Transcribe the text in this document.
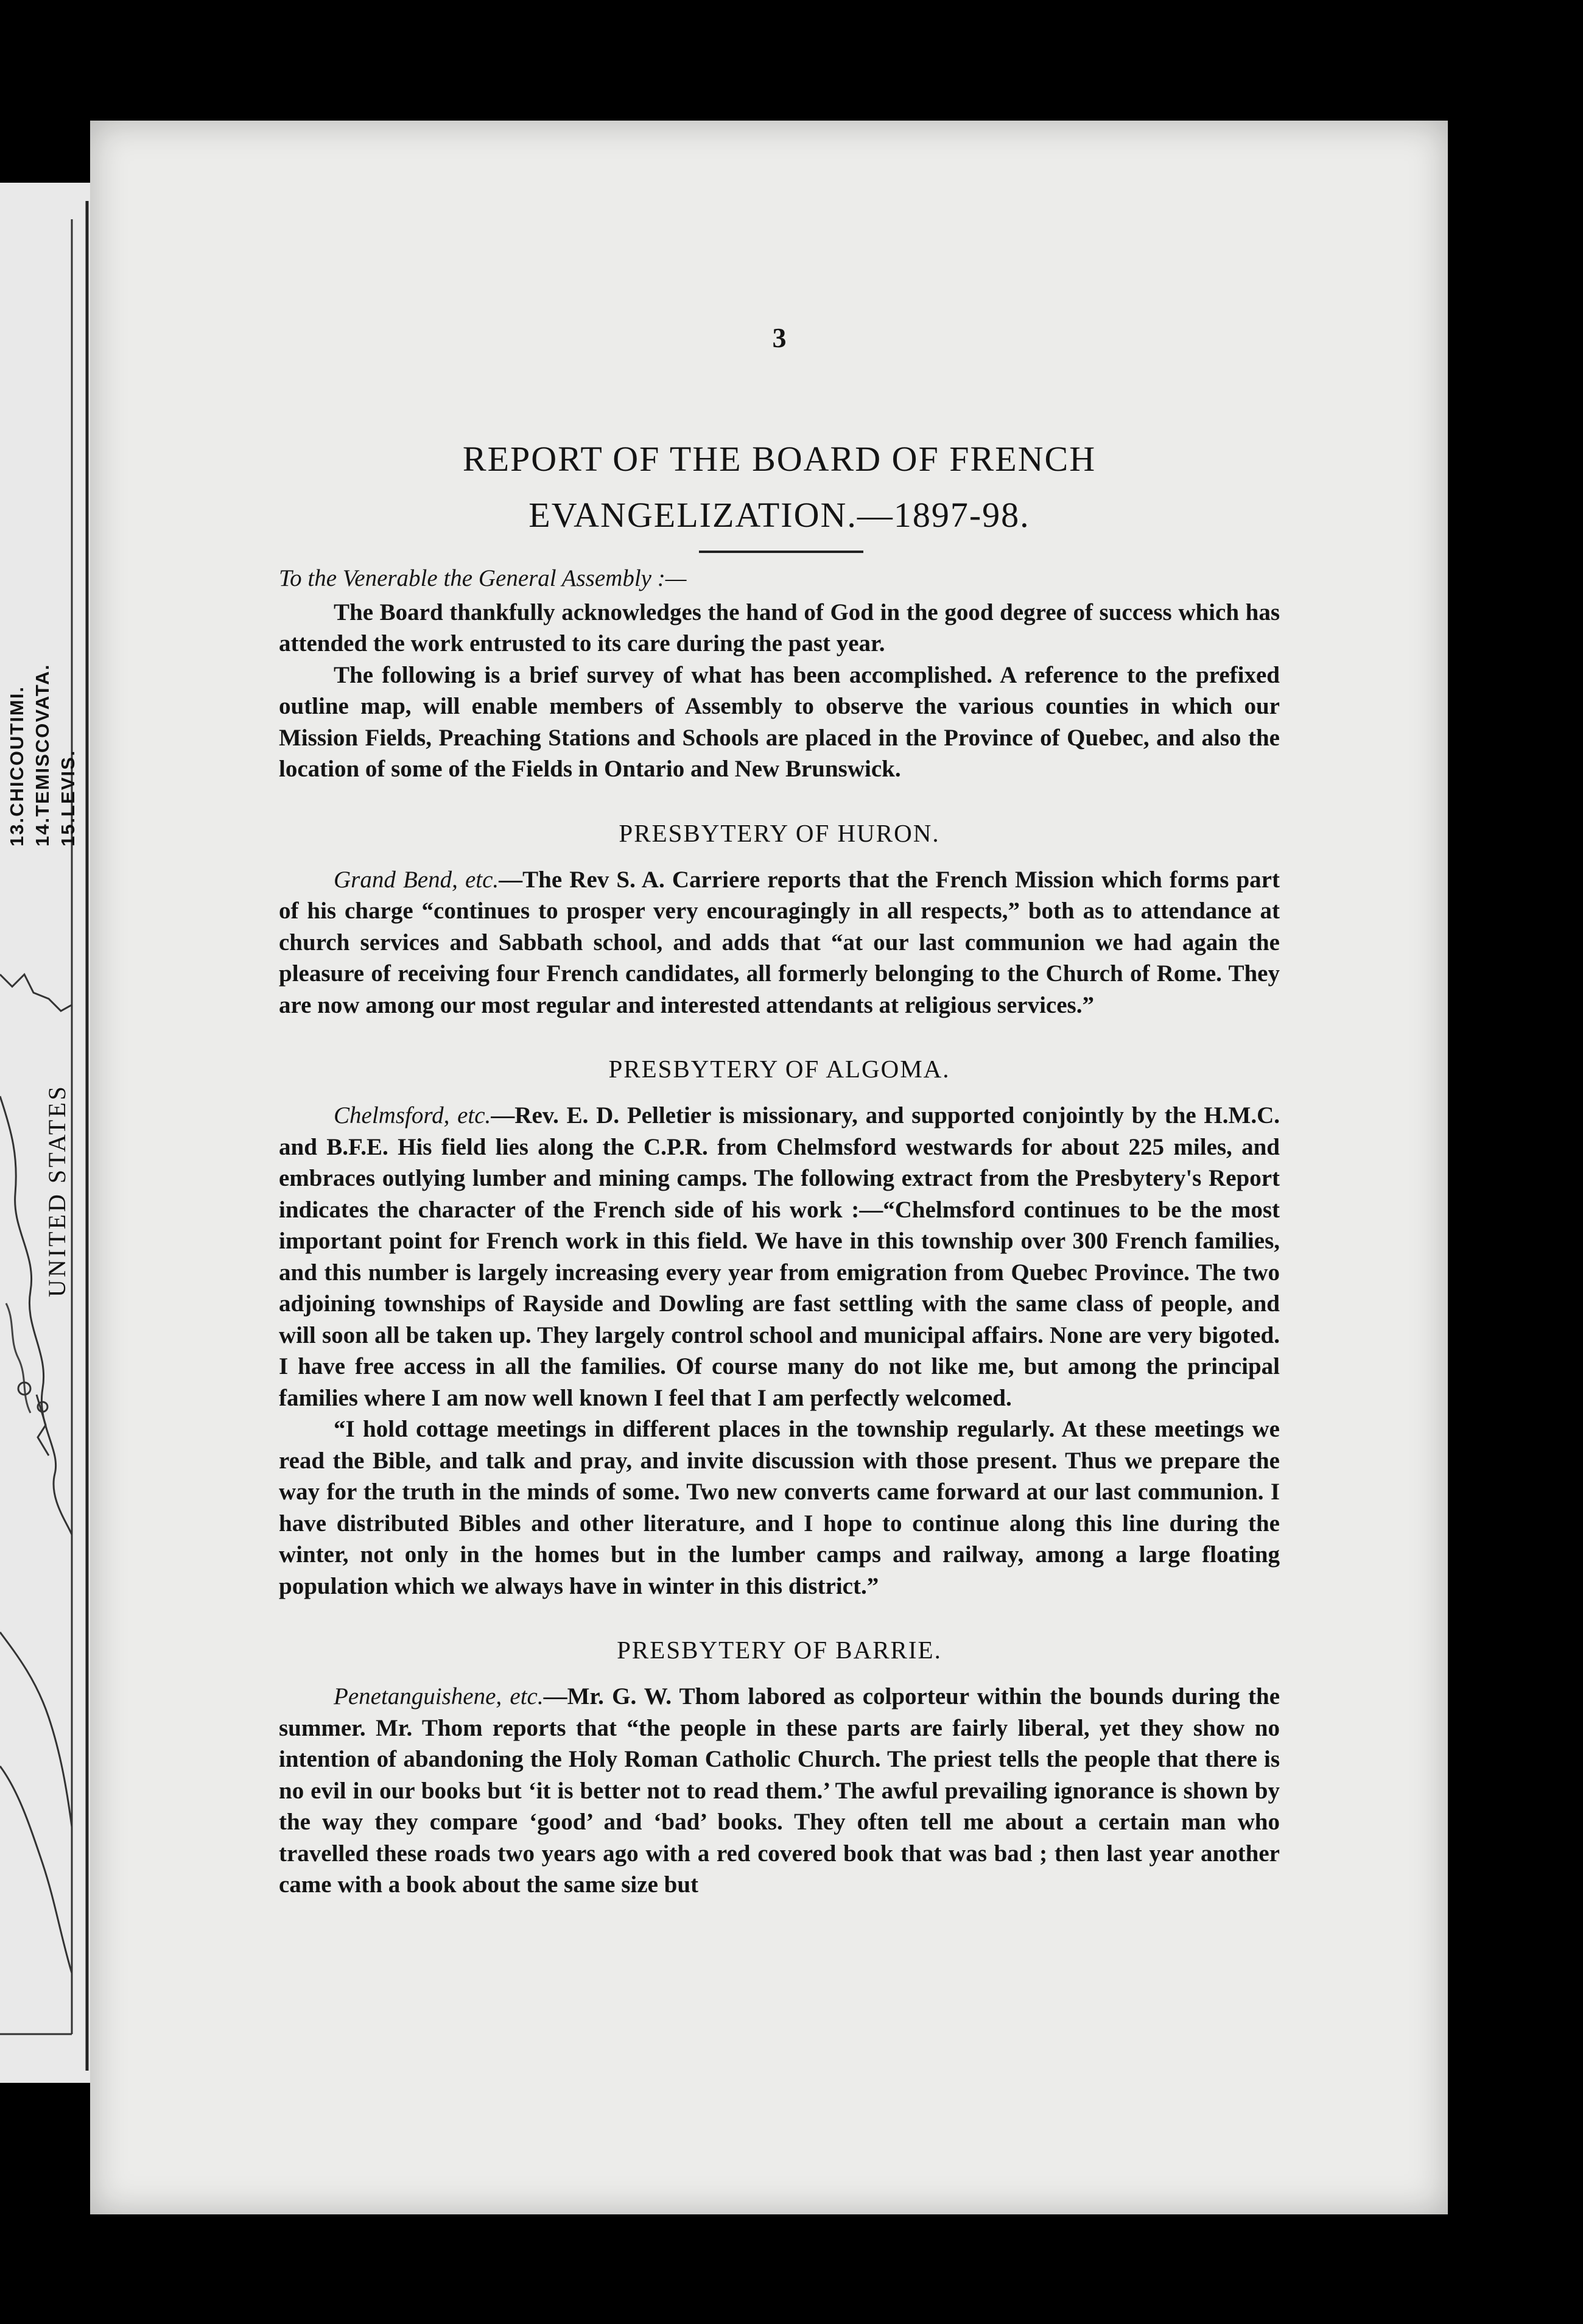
13.CHICOUTIMI. 14.TEMISCOVATA. 15.LEVIS.
UNITED STATES
3
REPORT OF THE BOARD OF FRENCH
EVANGELIZATION.—1897-98.

To the Venerable the General Assembly :—

The Board thankfully acknowledges the hand of God in the good degree of success which has attended the work entrusted to its care during the past year.

The following is a brief survey of what has been accomplished. A reference to the prefixed outline map, will enable members of Assembly to observe the various counties in which our Mission Fields, Preaching Stations and Schools are placed in the Province of Quebec, and also the location of some of the Fields in Ontario and New Brunswick.

PRESBYTERY OF HURON.

Grand Bend, etc.—The Rev S. A. Carriere reports that the French Mission which forms part of his charge “continues to prosper very encouragingly in all respects,” both as to attendance at church services and Sabbath school, and adds that “at our last communion we had again the pleasure of receiving four French candidates, all formerly belonging to the Church of Rome. They are now among our most regular and interested attendants at religious services.”

PRESBYTERY OF ALGOMA.

Chelmsford, etc.—Rev. E. D. Pelletier is missionary, and supported conjointly by the H.M.C. and B.F.E. His field lies along the C.P.R. from Chelmsford westwards for about 225 miles, and embraces outlying lumber and mining camps. The following extract from the Presbytery's Report indicates the character of the French side of his work :—“Chelmsford continues to be the most important point for French work in this field. We have in this township over 300 French families, and this number is largely increasing every year from emigration from Quebec Province. The two adjoining townships of Rayside and Dowling are fast settling with the same class of people, and will soon all be taken up. They largely control school and municipal affairs. None are very bigoted. I have free access in all the families. Of course many do not like me, but among the principal families where I am now well known I feel that I am perfectly welcomed.

“I hold cottage meetings in different places in the township regularly. At these meetings we read the Bible, and talk and pray, and invite discussion with those present. Thus we prepare the way for the truth in the minds of some. Two new converts came forward at our last communion. I have distributed Bibles and other literature, and I hope to continue along this line during the winter, not only in the homes but in the lumber camps and railway, among a large floating population which we always have in winter in this district.”

PRESBYTERY OF BARRIE.

Penetanguishene, etc.—Mr. G. W. Thom labored as colporteur within the bounds during the summer. Mr. Thom reports that “the people in these parts are fairly liberal, yet they show no intention of abandoning the Holy Roman Catholic Church. The priest tells the people that there is no evil in our books but ‘it is better not to read them.’ The awful prevailing ignorance is shown by the way they compare ‘good’ and ‘bad’ books. They often tell me about a certain man who travelled these roads two years ago with a red covered book that was bad ; then last year another came with a book about the same size but
